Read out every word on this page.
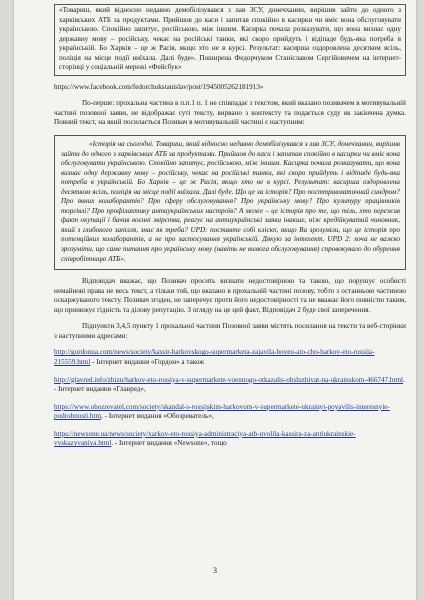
«Товариш, який відносно недавно демобілізувався з лав ЗСУ, донечханин, вирішив зайти до одного з харківських АТБ за продуктами. Прийшов до каси і запитав спокійно в касирки чи вміє вона обслуговувати українською. Спокійно запитує, російською, між іншим. Касирка почала розказувати, що вона визнає одну державну мову – російську, чекає на російські танки, які скоро прийдуть і відіпаде будь-яка потреба в українській. Бо Харків – це ж Расія, якщо хто не в курсі. Результат: касирша оздоровлена десятком ясіль, поліція на місце події виїхала. Далі буде». Поширена Федорчуком Станіславом Сергійовичем на інтернет-сторінці у соціальній мережі «Фейсбук»
https://www.facebook.com/fedorchukstanislav/post/1945005262181913»
По-перше: прохальна частина в п.п.1 п. 1 не співпадає з текстом, який вказано позивачем в мотивувальній частині позовної заяви, не відображає суті тексту, вирвано з контексту та подається суду як закінчена думка. Повний текст, на який посилається Позивач в мотивувальній частині є наступним:
«Історія на сьогодні. Товариш, який відносно недавно демобілізувався з лав ЗСУ, донечханин, вирішив зайти до одного з харківських АТБ за продуктами. Прийшов до каси і запитав спокійно в касирки чи вміє вона обслуговувати українською. Спокійно запитує, російською, між іншим. Касирка почала розказувати, що вона визнає одну державну мову – російську, чекає на російські танки, які скоро прийдуть і відіпаде будь-яка потреба в українській. Бо Харків – це ж Расія, якщо хто не в курсі. Результат: касирша оздоровлена десятком ясіль, поліція на місце події виїхала. Далі буде. Що це за історія? Про посттравматичний синдром? Про явних колаборантів? Про сферу обслуговування? Про українську мову? Про культуру працівників торгівлі? Про профілактику антиукраїнських настроїв? А може – це історія про те, що тіль, хто пережив факт окупації і бачив воєнні звірства, реагує на антиукраїнські заяви інакше, ніж кредійкуватий чиновник, який з глибокого запілля, знає як треба? UPD: поставте собі кліскп, якщо Ви зрозуміли, що це історія про потенційних колаборантів, а не про застосування українській. Дякую за інтелект. UPD 2: хоча не важко зрозуміти, що саме питання про українську мову (навіть не вимога обслуговування) спровокувало до обурення співробітницю АТБ».
Відповідач вважає, що Позивач просить визнати недостовірною та такою, що порушує особисті немайнові права не весь текст, а тільки той, що вказано в прохальній частині позову, тобто з останньою частиною оскаржуваного тексту. Позивач згоден, не заперечує проти його недостовірності та не вважає його повністю таким, що принижує гідність та ділову репутацію. З огляду на це цей факт, Відповідач 2 буде свої заперечення.
Підпункти 3,4,5 пункту 1 прохальної частини Позовної заяви містять посилання на тексти та веб-сторінки з наступними адресами:
http://gordonua.com/news/society/kassir-harkovskogo-supermarketa-zajavila-boyeu-ato-cho-harkov-eto-rossija-215559.html - Інтернет видання «Гордон» а також
http://glavred.info/zhizn/harkov-eto-rossiya-v-supermarkete-voennogo-otkazalis-obsluzhivat-na-ukrainskom-466747.html. - Інтернет видання «Главред»,
https://www.obozrevatel.com/society/skandal-s-rossijskim-harkovom-v-supermarkete-ukrainyi-poyavilis-interesnyie-podrobnosti.htm, - Інтернет видання «Обозреватель»,
https://newsone.ua/news/society/xarkov-eto-rossiya-administraciya-atb-uvolila-kassira-za-antiukrainskie-vyskazyvaniya.html. - Інтернет видання «Newsone», тощо
3
